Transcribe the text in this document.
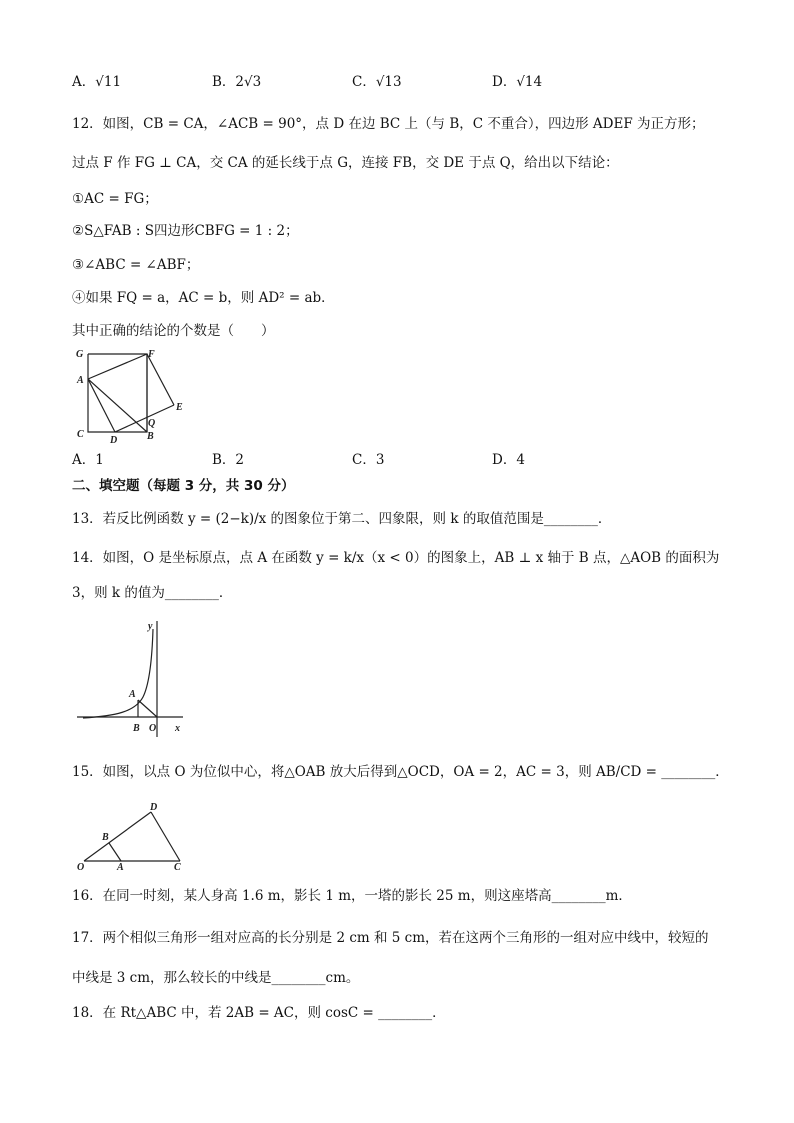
A．√11	B．2√3	C．√13	D．√14
12．如图，CB = CA，∠ACB = 90°，点 D 在边 BC 上（与 B，C 不重合），四边形 ADEF 为正方形；
过点 F 作 FG ⊥ CA，交 CA 的延长线于点 G，连接 FB，交 DE 于点 Q，给出以下结论：
①AC = FG；
②S△FAB : S四边形CBFG = 1 : 2；
③∠ABC = ∠ABF；
④如果 FQ = a，AC = b，则 AD² = ab．
其中正确的结论的个数是（　　）
G	F
A
E
Q
C
D	B
A．1	B．2	C．3	D．4
二、填空题（每题 3 分，共 30 分）
13．若反比例函数 y = (2−k)/x 的图象位于第二、四象限，则 k 的取值范围是________．
14．如图，O 是坐标原点，点 A 在函数 y = k/x（x < 0）的图象上，AB ⊥ x 轴于 B 点，△AOB 的面积为
3，则 k 的值为________．
y
A
B O x
15．如图，以点 O 为位似中心，将△OAB 放大后得到△OCD，OA = 2，AC = 3，则 AB/CD = ________．
D
B
O	A	C
16．在同一时刻，某人身高 1.6 m，影长 1 m，一塔的影长 25 m，则这座塔高________m．
17．两个相似三角形一组对应高的长分别是 2 cm 和 5 cm，若在这两个三角形的一组对应中线中，较短的
中线是 3 cm，那么较长的中线是________cm。
18．在 Rt△ABC 中，若 2AB = AC，则 cosC = ________．
